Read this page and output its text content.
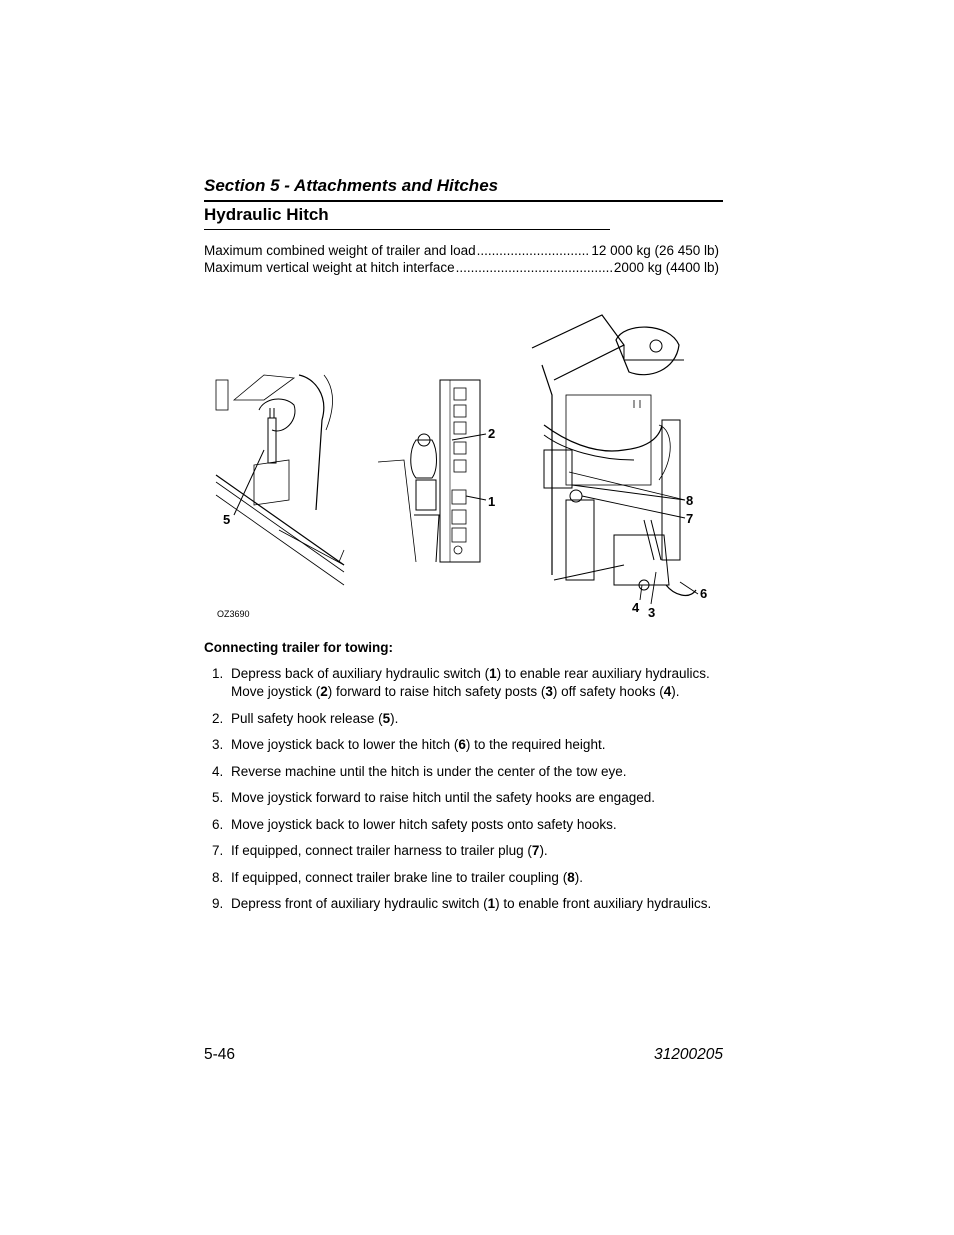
Section 5 - Attachments and Hitches
Hydraulic Hitch
Maximum combined weight of trailer and load .....	12 000 kg (26 450 lb)
Maximum vertical weight at hitch interface .....	2000 kg (4400 lb)
2
1	8
7
6
4 3
5
OZ3690
Connecting trailer for towing:
1. Depress back of auxiliary hydraulic switch (1) to enable rear auxiliary hydraulics. Move joystick (2) forward to raise hitch safety posts (3) off safety hooks (4).
2. Pull safety hook release (5).
3. Move joystick back to lower the hitch (6) to the required height.
4. Reverse machine until the hitch is under the center of the tow eye.
5. Move joystick forward to raise hitch until the safety hooks are engaged.
6. Move joystick back to lower hitch safety posts onto safety hooks.
7. If equipped, connect trailer harness to trailer plug (7).
8. If equipped, connect trailer brake line to trailer coupling (8).
9. Depress front of auxiliary hydraulic switch (1) to enable front auxiliary hydraulics.
5-46	31200205
